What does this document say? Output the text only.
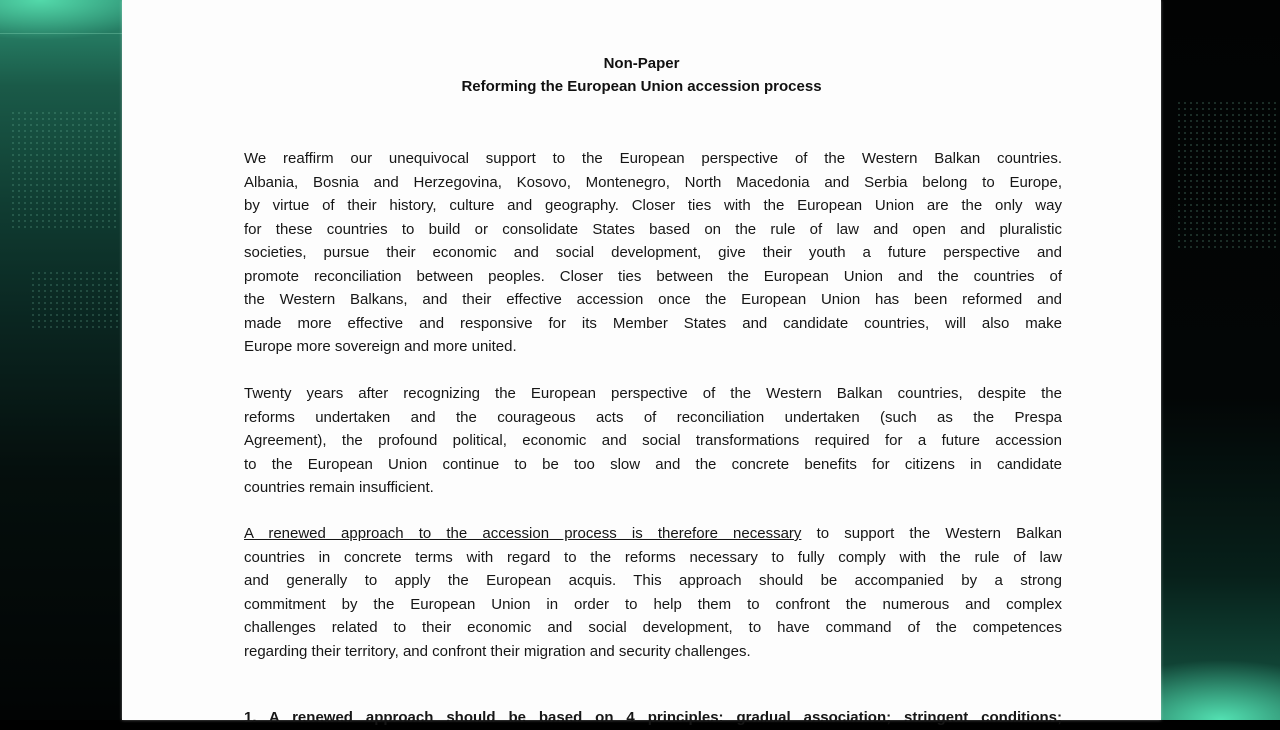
Non-Paper
Reforming the European Union accession process
We reaffirm our unequivocal support to the European perspective of the Western Balkan countries.
Albania, Bosnia and Herzegovina, Kosovo, Montenegro, North Macedonia and Serbia belong to Europe,
by virtue of their history, culture and geography. Closer ties with the European Union are the only way
for these countries to build or consolidate States based on the rule of law and open and pluralistic
societies, pursue their economic and social development, give their youth a future perspective and
promote reconciliation between peoples. Closer ties between the European Union and the countries of
the Western Balkans, and their effective accession once the European Union has been reformed and
made more effective and responsive for its Member States and candidate countries, will also make
Europe more sovereign and more united.
Twenty years after recognizing the European perspective of the Western Balkan countries, despite the
reforms undertaken and the courageous acts of reconciliation undertaken (such as the Prespa
Agreement), the profound political, economic and social transformations required for a future accession
to the European Union continue to be too slow and the concrete benefits for citizens in candidate
countries remain insufficient.
A renewed approach to the accession process is therefore necessary to support the Western Balkan
countries in concrete terms with regard to the reforms necessary to fully comply with the rule of law
and generally to apply the European acquis. This approach should be accompanied by a strong
commitment by the European Union in order to help them to confront the numerous and complex
challenges related to their economic and social development, to have command of the competences
regarding their territory, and confront their migration and security challenges.
1. A renewed approach should be based on 4 principles: gradual association; stringent conditions;
